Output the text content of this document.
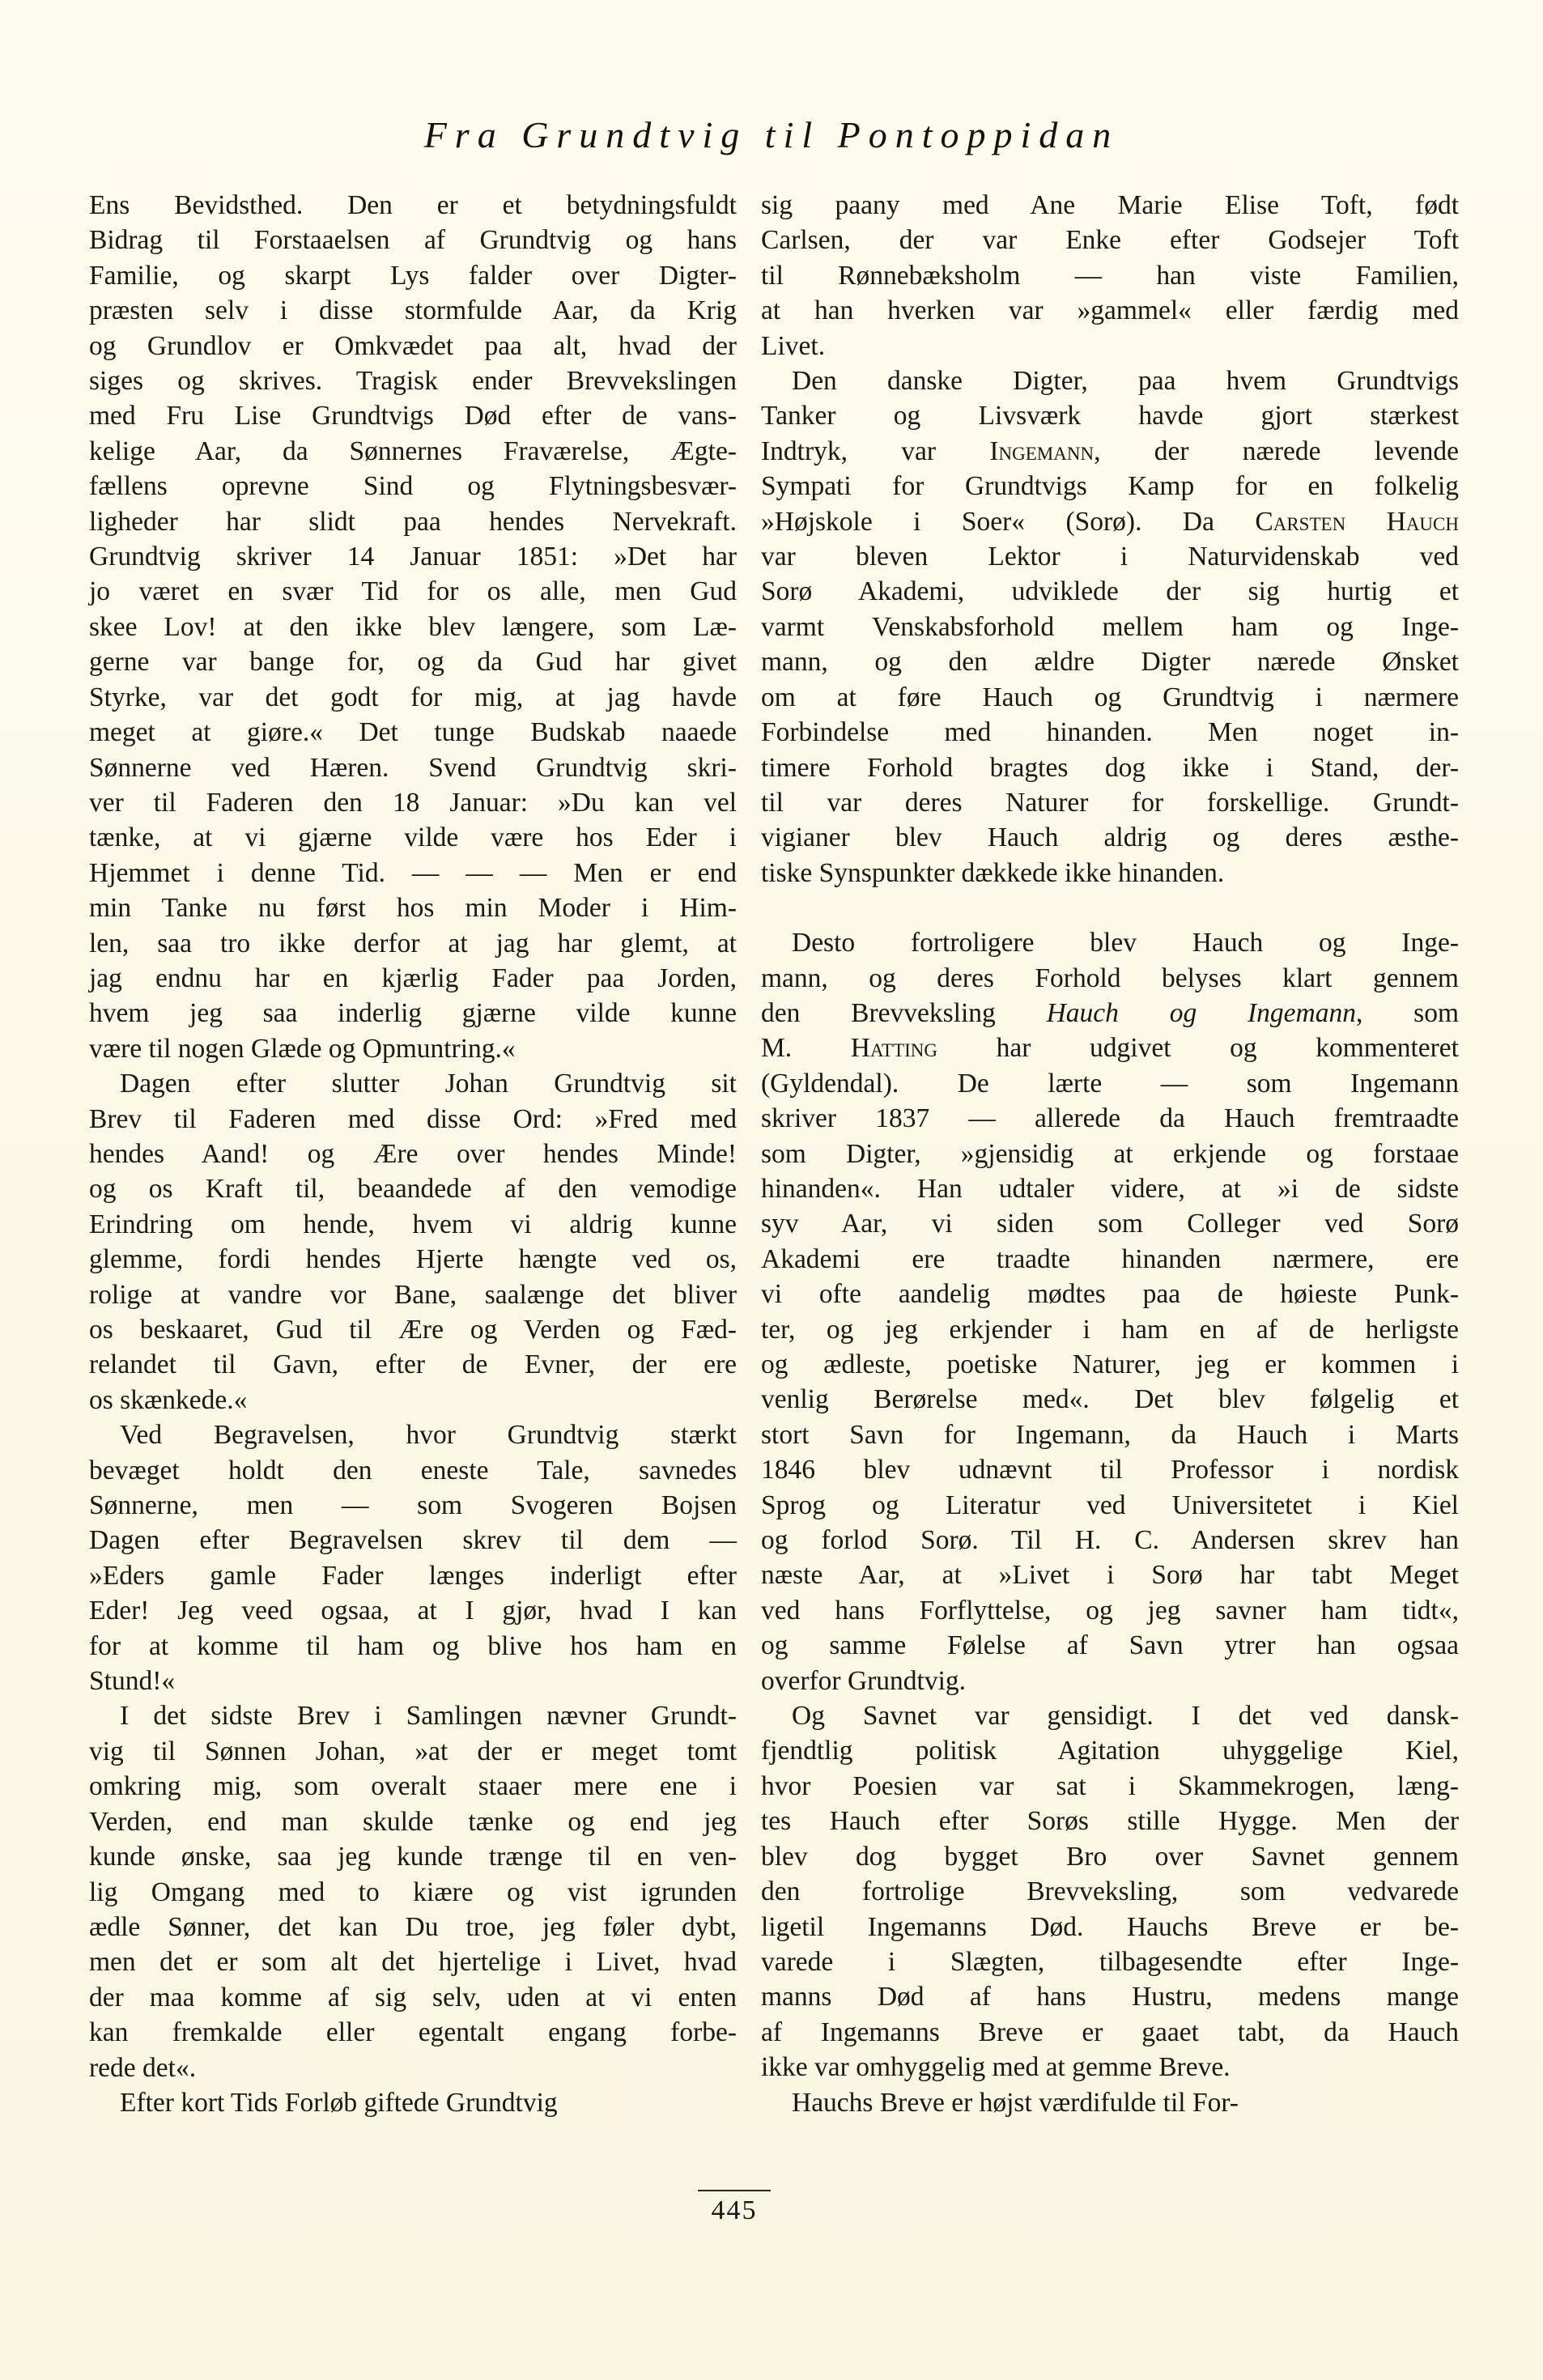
Fra Grundtvig til Pontoppidan

Ens Bevidsthed. Den er et betydningsfuldt
Bidrag til Forstaaelsen af Grundtvig og hans
Familie, og skarpt Lys falder over Digter-
præsten selv i disse stormfulde Aar, da Krig
og Grundlov er Omkvædet paa alt, hvad der
siges og skrives. Tragisk ender Brevvekslingen
med Fru Lise Grundtvigs Død efter de vans-
kelige Aar, da Sønnernes Fraværelse, Ægte-
fællens oprevne Sind og Flytningsbesvær-
ligheder har slidt paa hendes Nervekraft.
Grundtvig skriver 14 Januar 1851: »Det har
jo været en svær Tid for os alle, men Gud
skee Lov! at den ikke blev længere, som Læ-
gerne var bange for, og da Gud har givet
Styrke, var det godt for mig, at jag havde
meget at giøre.« Det tunge Budskab naaede
Sønnerne ved Hæren. Svend Grundtvig skri-
ver til Faderen den 18 Januar: »Du kan vel
tænke, at vi gjærne vilde være hos Eder i
Hjemmet i denne Tid. — — — Men er end
min Tanke nu først hos min Moder i Him-
len, saa tro ikke derfor at jag har glemt, at
jag endnu har en kjærlig Fader paa Jorden,
hvem jeg saa inderlig gjærne vilde kunne
være til nogen Glæde og Opmuntring.«

Dagen efter slutter Johan Grundtvig sit
Brev til Faderen med disse Ord: »Fred med
hendes Aand! og Ære over hendes Minde!
og os Kraft til, beaandede af den vemodige
Erindring om hende, hvem vi aldrig kunne
glemme, fordi hendes Hjerte hængte ved os,
rolige at vandre vor Bane, saalænge det bliver
os beskaaret, Gud til Ære og Verden og Fæd-
relandet til Gavn, efter de Evner, der ere
os skænkede.«

Ved Begravelsen, hvor Grundtvig stærkt
bevæget holdt den eneste Tale, savnedes
Sønnerne, men — som Svogeren Bojsen
Dagen efter Begravelsen skrev til dem —
»Eders gamle Fader længes inderligt efter
Eder! Jeg veed ogsaa, at I gjør, hvad I kan
for at komme til ham og blive hos ham en
Stund!«

I det sidste Brev i Samlingen nævner Grundt-
vig til Sønnen Johan, »at der er meget tomt
omkring mig, som overalt staaer mere ene i
Verden, end man skulde tænke og end jeg
kunde ønske, saa jeg kunde trænge til en ven-
lig Omgang med to kiære og vist igrunden
ædle Sønner, det kan Du troe, jeg føler dybt,
men det er som alt det hjertelige i Livet, hvad
der maa komme af sig selv, uden at vi enten
kan fremkalde eller egentalt engang forbe-
rede det«.

Efter kort Tids Forløb giftede Grundtvig

sig paany med Ane Marie Elise Toft, født
Carlsen, der var Enke efter Godsejer Toft
til Rønnebæksholm — han viste Familien,
at han hverken var »gammel« eller færdig med
Livet.

Den danske Digter, paa hvem Grundtvigs
Tanker og Livsværk havde gjort stærkest
Indtryk, var Ingemann, der nærede levende
Sympati for Grundtvigs Kamp for en folkelig
»Højskole i Soer« (Sorø). Da Carsten Hauch
var bleven Lektor i Naturvidenskab ved
Sorø Akademi, udviklede der sig hurtig et
varmt Venskabsforhold mellem ham og Inge-
mann, og den ældre Digter nærede Ønsket
om at føre Hauch og Grundtvig i nærmere
Forbindelse med hinanden. Men noget in-
timere Forhold bragtes dog ikke i Stand, der-
til var deres Naturer for forskellige. Grundt-
vigianer blev Hauch aldrig og deres æsthe-
tiske Synspunkter dækkede ikke hinanden.

Desto fortroligere blev Hauch og Inge-
mann, og deres Forhold belyses klart gennem
den Brevveksling Hauch og Ingemann, som
M. Hatting har udgivet og kommenteret
(Gyldendal). De lærte — som Ingemann
skriver 1837 — allerede da Hauch fremtraadte
som Digter, »gjensidig at erkjende og forstaae
hinanden«. Han udtaler videre, at »i de sidste
syv Aar, vi siden som Colleger ved Sorø
Akademi ere traadte hinanden nærmere, ere
vi ofte aandelig mødtes paa de høieste Punk-
ter, og jeg erkjender i ham en af de herligste
og ædleste, poetiske Naturer, jeg er kommen i
venlig Berørelse med«. Det blev følgelig et
stort Savn for Ingemann, da Hauch i Marts
1846 blev udnævnt til Professor i nordisk
Sprog og Literatur ved Universitetet i Kiel
og forlod Sorø. Til H. C. Andersen skrev han
næste Aar, at »Livet i Sorø har tabt Meget
ved hans Forflyttelse, og jeg savner ham tidt«,
og samme Følelse af Savn ytrer han ogsaa
overfor Grundtvig.

Og Savnet var gensidigt. I det ved dansk-
fjendtlig politisk Agitation uhyggelige Kiel,
hvor Poesien var sat i Skammekrogen, læng-
tes Hauch efter Sorøs stille Hygge. Men der
blev dog bygget Bro over Savnet gennem
den fortrolige Brevveksling, som vedvarede
ligetil Ingemanns Død. Hauchs Breve er be-
varede i Slægten, tilbagesendte efter Inge-
manns Død af hans Hustru, medens mange
af Ingemanns Breve er gaaet tabt, da Hauch
ikke var omhyggelig med at gemme Breve.

Hauchs Breve er højst værdifulde til For-

445
